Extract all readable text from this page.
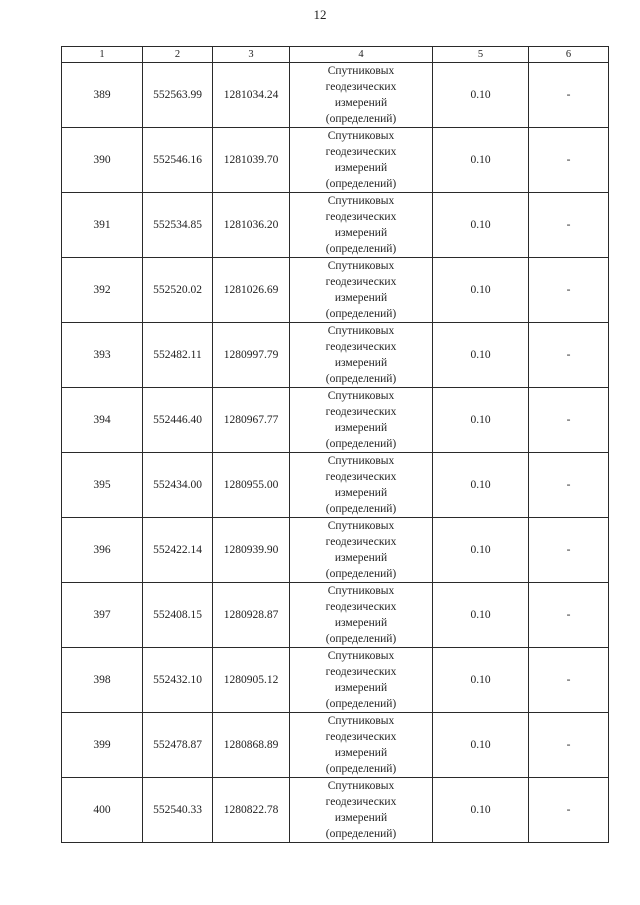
12
1	2	3	4	5	6
389	552563.99	1281034.24	Спутниковых геодезических измерений (определений)	0.10	-
390	552546.16	1281039.70	Спутниковых геодезических измерений (определений)	0.10	-
391	552534.85	1281036.20	Спутниковых геодезических измерений (определений)	0.10	-
392	552520.02	1281026.69	Спутниковых геодезических измерений (определений)	0.10	-
393	552482.11	1280997.79	Спутниковых геодезических измерений (определений)	0.10	-
394	552446.40	1280967.77	Спутниковых геодезических измерений (определений)	0.10	-
395	552434.00	1280955.00	Спутниковых геодезических измерений (определений)	0.10	-
396	552422.14	1280939.90	Спутниковых геодезических измерений (определений)	0.10	-
397	552408.15	1280928.87	Спутниковых геодезических измерений (определений)	0.10	-
398	552432.10	1280905.12	Спутниковых геодезических измерений (определений)	0.10	-
399	552478.87	1280868.89	Спутниковых геодезических измерений (определений)	0.10	-
400	552540.33	1280822.78	Спутниковых геодезических измерений (определений)	0.10	-
